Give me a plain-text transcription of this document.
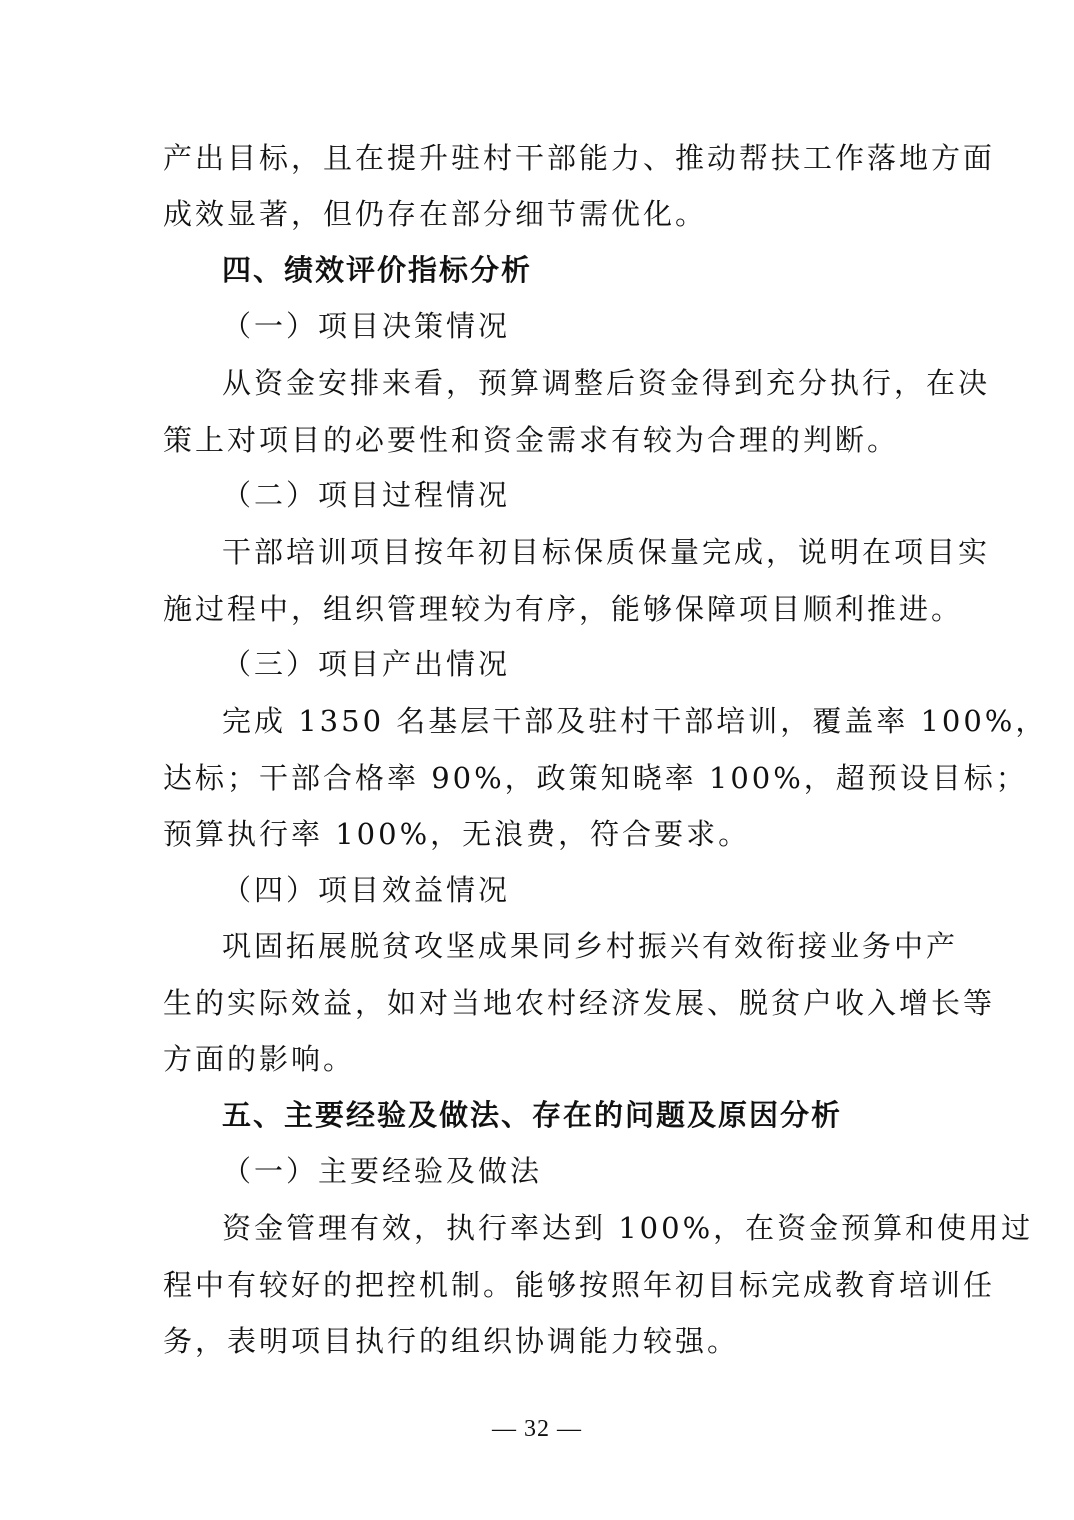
产出目标，且在提升驻村干部能力、推动帮扶工作落地方面
成效显著，但仍存在部分细节需优化。
四、绩效评价指标分析
（一）项目决策情况
从资金安排来看，预算调整后资金得到充分执行，在决
策上对项目的必要性和资金需求有较为合理的判断。
（二）项目过程情况
干部培训项目按年初目标保质保量完成，说明在项目实
施过程中，组织管理较为有序，能够保障项目顺利推进。
（三）项目产出情况
完成 1350 名基层干部及驻村干部培训，覆盖率 100%，
达标；干部合格率 90%，政策知晓率 100%，超预设目标；
预算执行率 100%，无浪费，符合要求。
（四）项目效益情况
巩固拓展脱贫攻坚成果同乡村振兴有效衔接业务中产
生的实际效益，如对当地农村经济发展、脱贫户收入增长等
方面的影响。
五、主要经验及做法、存在的问题及原因分析
（一）主要经验及做法
资金管理有效，执行率达到 100%，在资金预算和使用过
程中有较好的把控机制。能够按照年初目标完成教育培训任
务，表明项目执行的组织协调能力较强。
— 32 —
